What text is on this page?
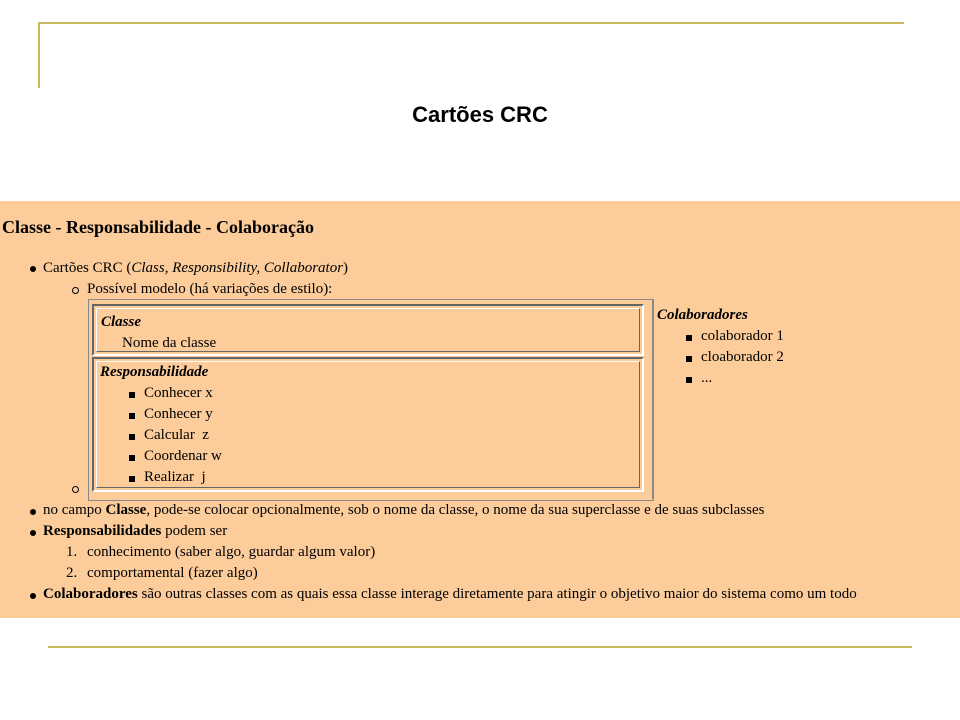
Cartões CRC
Classe - Responsabilidade - Colaboração
Cartões CRC (Class, Responsibility, Collaborator)
Possível modelo (há variações de estilo):
Classe
Nome da classe
Responsabilidade
Conhecer x
Conhecer y
Calcular  z
Coordenar w
Realizar  j
Colaboradores
colaborador 1
cloaborador 2
...
no campo Classe, pode-se colocar opcionalmente, sob o nome da classe, o nome da sua superclasse e de suas subclasses
Responsabilidades podem ser
1. conhecimento (saber algo, guardar algum valor)
2. comportamental (fazer algo)
Colaboradores são outras classes com as quais essa classe interage diretamente para atingir o objetivo maior do sistema como um todo
